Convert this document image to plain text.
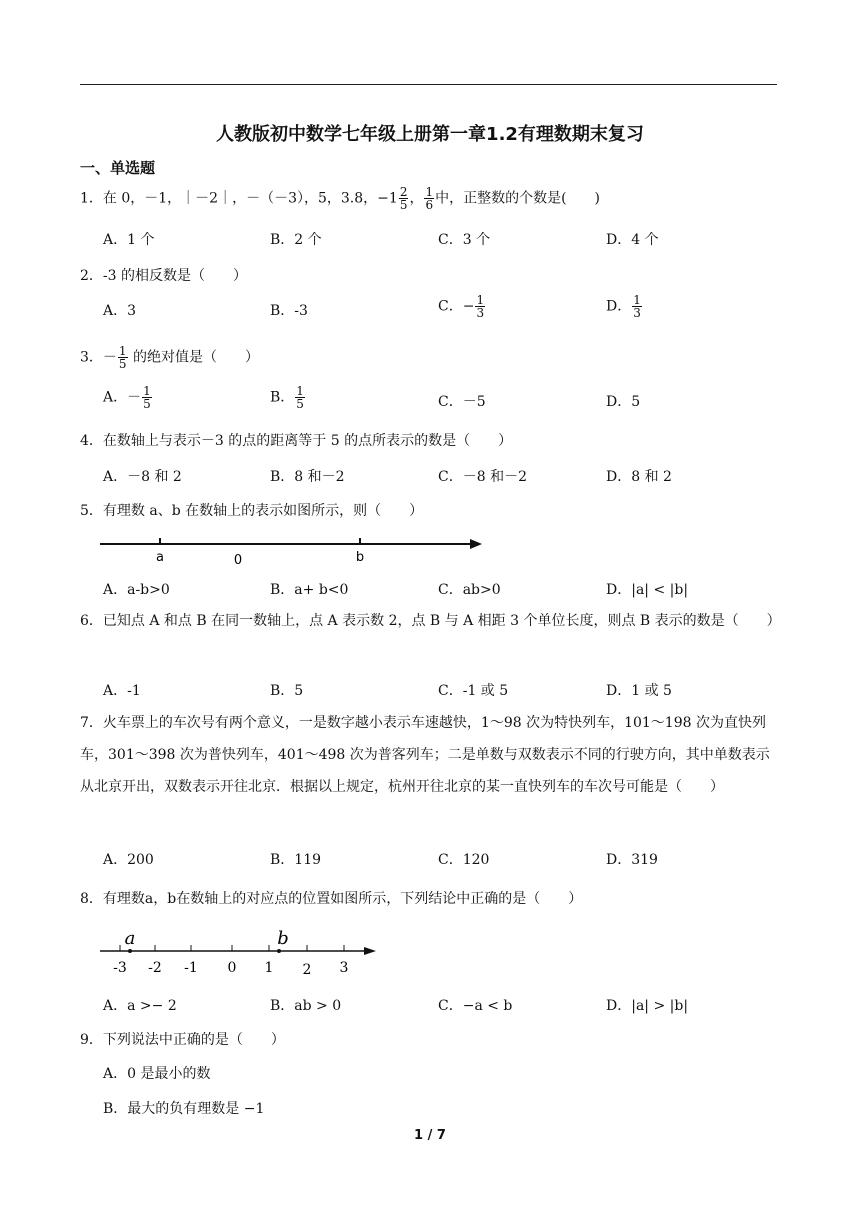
人教版初中数学七年级上册第一章1.2有理数期末复习
一、单选题
1．在 0，－1，｜－2｜，－（－3），5，3.8，$-1 \frac{2}{5}$ ， $\frac{1}{6}$ 中，正整数的个数是(　　)
A．1 个	B．2 个	C．3 个	D．4 个
2．-3 的相反数是（　　）
A．3	B．-3	C．− $\frac{1}{3}$	D． $\frac{1}{3}$
3．－ $\frac{1}{5}$ 的绝对值是（　　）
A．－ $\frac{1}{5}$	B． $\frac{1}{5}$	C．－5	D．5
4．在数轴上与表示－3 的点的距离等于 5 的点所表示的数是（　　）
A．－8 和 2	B．8 和－2	C．－8 和－2	D．8 和 2
5．有理数 a、b 在数轴上的表示如图所示，则（　　）
a	0	b
A．a-b>0	B．a+ b<0	C．ab>0	D．|a| < |b|
6．已知点 A 和点 B 在同一数轴上，点 A 表示数 2，点 B 与 A 相距 3 个单位长度，则点 B 表示的数是（　　）
A．-1	B．5	C．-1 或 5	D．1 或 5
7．火车票上的车次号有两个意义，一是数字越小表示车速越快，1～98 次为特快列车，101～198 次为直快列车，301～398 次为普快列车，401～498 次为普客列车；二是单数与双数表示不同的行驶方向，其中单数表示从北京开出，双数表示开往北京．根据以上规定，杭州开往北京的某一直快列车的车次号可能是（　　）
A．200	B．119	C．120	D．319
8．有理数a，b在数轴上的对应点的位置如图所示，下列结论中正确的是（　　）
a	b
-3 -2 -1 0 1 2 3
A．a >− 2	B．ab > 0	C．−a < b	D．|a| > |b|
9．下列说法中正确的是（　　）
A．0 是最小的数
B．最大的负有理数是 −1
1 / 7
